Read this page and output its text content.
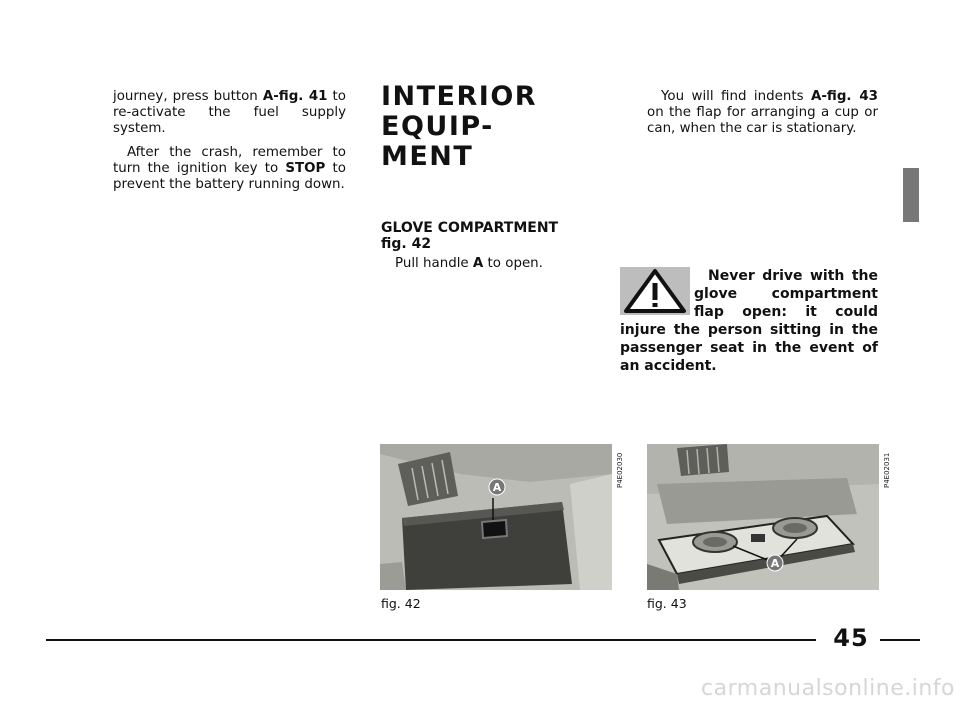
journey, press button A-fig. 41 to re-activate the fuel supply system.

After the crash, remember to turn the ignition key to STOP to prevent the battery running down.

INTERIOR EQUIP-
MENT
GLOVE COMPARTMENT
fig. 42

Pull handle A to open.

You will find indents A-fig. 43 on the flap for arranging a cup or can, when the car is stationary.

Never drive with the glove compartment flap open: it could injure the person sitting in the passenger seat in the event of an accident.

A	P4E02030
fig. 42
A
P4E02031
fig. 43
45
carmanualsonline.info
